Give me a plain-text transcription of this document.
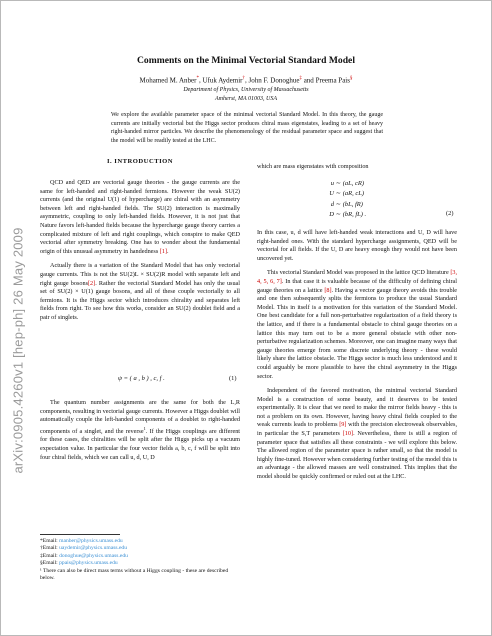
arXiv:0905.4260v1 [hep-ph] 26 May 2009
Comments on the Minimal Vectorial Standard Model
Mohamed M. Anber*, Ufuk Aydemir†, John F. Donoghue‡ and Preema Pais§
Department of Physics, University of Massachusetts
Amherst, MA 01003, USA
We explore the available parameter space of the minimal vectorial Standard Model. In this theory, the gauge currents are initially vectorial but the Higgs sector produces chiral mass eigenstates, leading to a set of heavy right-handed mirror particles. We describe the phenomenology of the residual parameter space and suggest that the model will be readily tested at the LHC.
I. INTRODUCTION

QCD and QED are vectorial gauge theories - the gauge currents are the same for left-handed and right-handed fermions. However the weak SU(2) currents (and the original U(1) of hypercharge) are chiral with an asymmetry between left and right-handed fields. The SU(2) interaction is maximally asymmetric, coupling to only left-handed fields. However, it is not just that Nature favors left-handed fields because the hypercharge gauge theory carries a complicated mixture of left and right couplings, which conspire to make QED vectorial after symmetry breaking. One has to wonder about the fundamental origin of this unusual asymmetry in handedness [1].

Actually there is a variation of the Standard Model that has only vectorial gauge currents. This is not the SU(2)L × SU(2)R model with separate left and right gauge bosons[2]. Rather the vectorial Standard Model has only the usual set of SU(2) × U(1) gauge bosons, and all of these couple vectorially to all fermions. It is the Higgs sector which introduces chirality and separates left fields from right. To see how this works, consider an SU(2) doublet field and a pair of singlets.

ψ = ( a , b ) , c, f .	(1)

The quantum number assignments are the same for both the L,R components, resulting in vectorial gauge currents. However a Higgs doublet will automatically couple the left-handed components of a doublet to right-handed components of a singlet, and the reverse$^1$. If the Higgs couplings are different for these cases, the chiralities will be split after the Higgs picks up a vacuum expectation value. In particular the four vector fields a, b, c, f will be split into four chiral fields, which we can call u, d, U, D

*Email: manber@physics.umass.edu
†Email: uaydemir@physics.umass.edu
‡Email: donoghue@physics.umass.edu
§Email: ppais@physics.umass.edu
¹ There can also be direct mass terms without a Higgs coupling - these are described below.

which are mass eigenstates with composition

u ∼ (aL, cR)
U ∼ (aR, cL)
d ∼ (bL, fR)
D ∼ (bR, fL) .	(2)

In this case, u, d will have left-handed weak interactions and U, D will have right-handed ones. With the standard hypercharge assignments, QED will be vectorial for all fields. If the U, D are heavy enough they would not have been uncovered yet.

This vectorial Standard Model was proposed in the lattice QCD literature [3, 4, 5, 6, 7]. In that case it is valuable because of the difficulty of defining chiral gauge theories on a lattice [8]. Having a vector gauge theory avoids this trouble and one then subsequently splits the fermions to produce the usual Standard Model. This in itself is a motivation for this variation of the Standard Model. One best candidate for a full non-perturbative regularization of a field theory is the lattice, and if there is a fundamental obstacle to chiral gauge theories on a lattice this may turn out to be a more general obstacle with other non-perturbative regularization schemes. Moreover, one can imagine many ways that gauge theories emerge from some discrete underlying theory - these would likely share the lattice obstacle. The Higgs sector is much less understood and it could arguably be more plausible to have the chiral asymmetry in the Higgs sector.

Independent of the favored motivation, the minimal vectorial Standard Model is a construction of some beauty, and it deserves to be tested experimentally. It is clear that we need to make the mirror fields heavy - this is not a problem on its own. However, having heavy chiral fields coupled to the weak currents leads to problems [9] with the precision electroweak observables, in particular the S,T parameters [10]. Nevertheless, there is still a region of parameter space that satisfies all these constraints - we will explore this below. The allowed region of the parameter space is rather small, so that the model is highly fine-tuned. However when considering further testing of the model this is an advantage - the allowed masses are well constrained. This implies that the model should be quickly confirmed or ruled out at the LHC.
